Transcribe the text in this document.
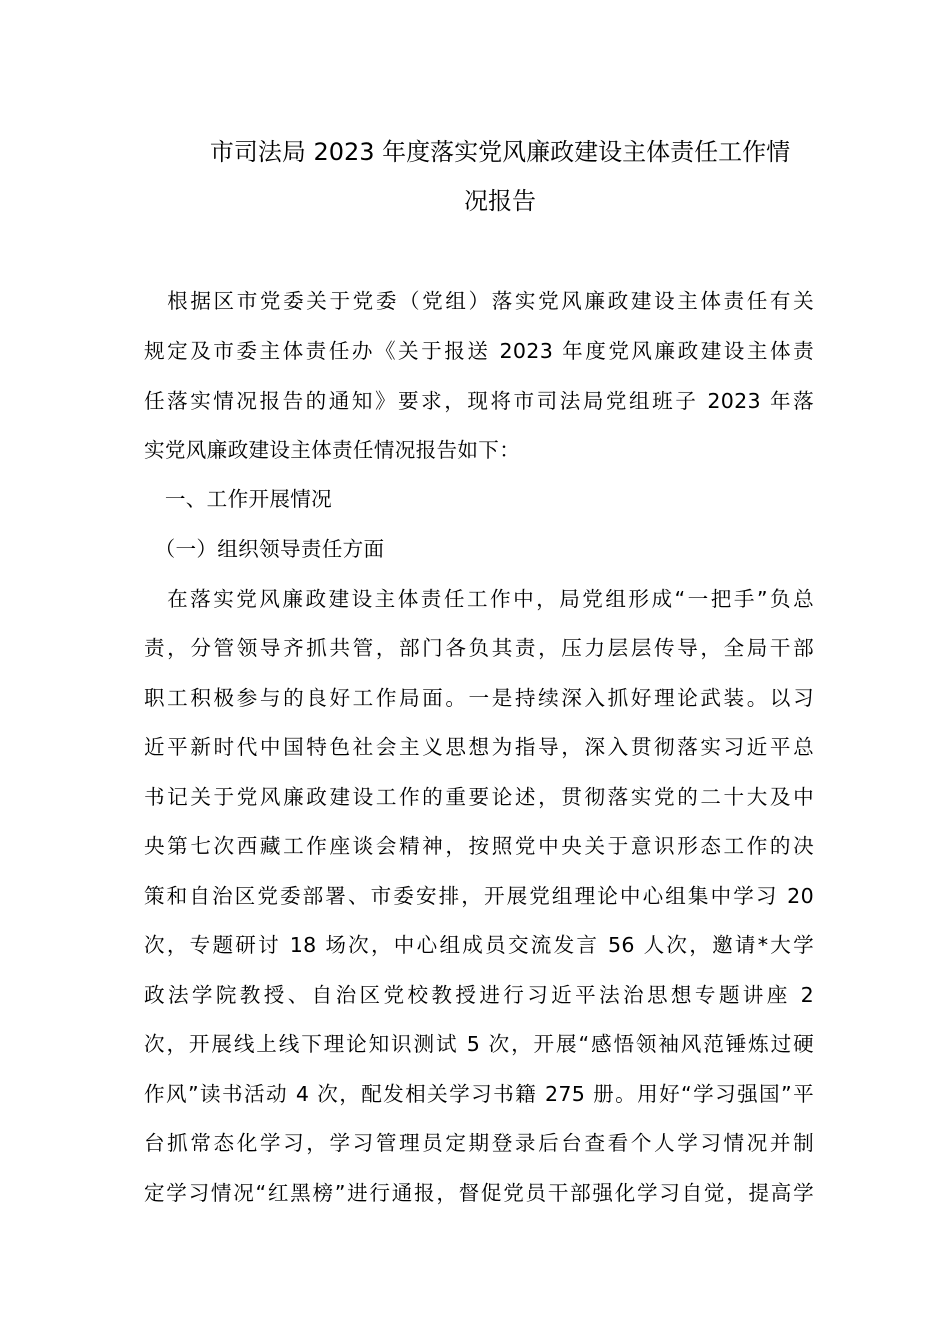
市司法局 2023 年度落实党风廉政建设主体责任工作情
况报告
　根据区市党委关于党委（党组）落实党风廉政建设主体责任有关
规定及市委主体责任办《关于报送 2023 年度党风廉政建设主体责
任落实情况报告的通知》要求，现将市司法局党组班子 2023 年落
实党风廉政建设主体责任情况报告如下：
　一、工作开展情况
　（一）组织领导责任方面
　在落实党风廉政建设主体责任工作中，局党组形成“一把手”负总
责，分管领导齐抓共管，部门各负其责，压力层层传导，全局干部
职工积极参与的良好工作局面。一是持续深入抓好理论武装。以习
近平新时代中国特色社会主义思想为指导，深入贯彻落实习近平总
书记关于党风廉政建设工作的重要论述，贯彻落实党的二十大及中
央第七次西藏工作座谈会精神，按照党中央关于意识形态工作的决
策和自治区党委部署、市委安排，开展党组理论中心组集中学习 20
次，专题研讨 18 场次，中心组成员交流发言 56 人次，邀请*大学
政法学院教授、自治区党校教授进行习近平法治思想专题讲座 2
次，开展线上线下理论知识测试 5 次，开展“感悟领袖风范锤炼过硬
作风”读书活动 4 次，配发相关学习书籍 275 册。用好“学习强国”平
台抓常态化学习，学习管理员定期登录后台查看个人学习情况并制
定学习情况“红黑榜”进行通报，督促党员干部强化学习自觉，提高学
